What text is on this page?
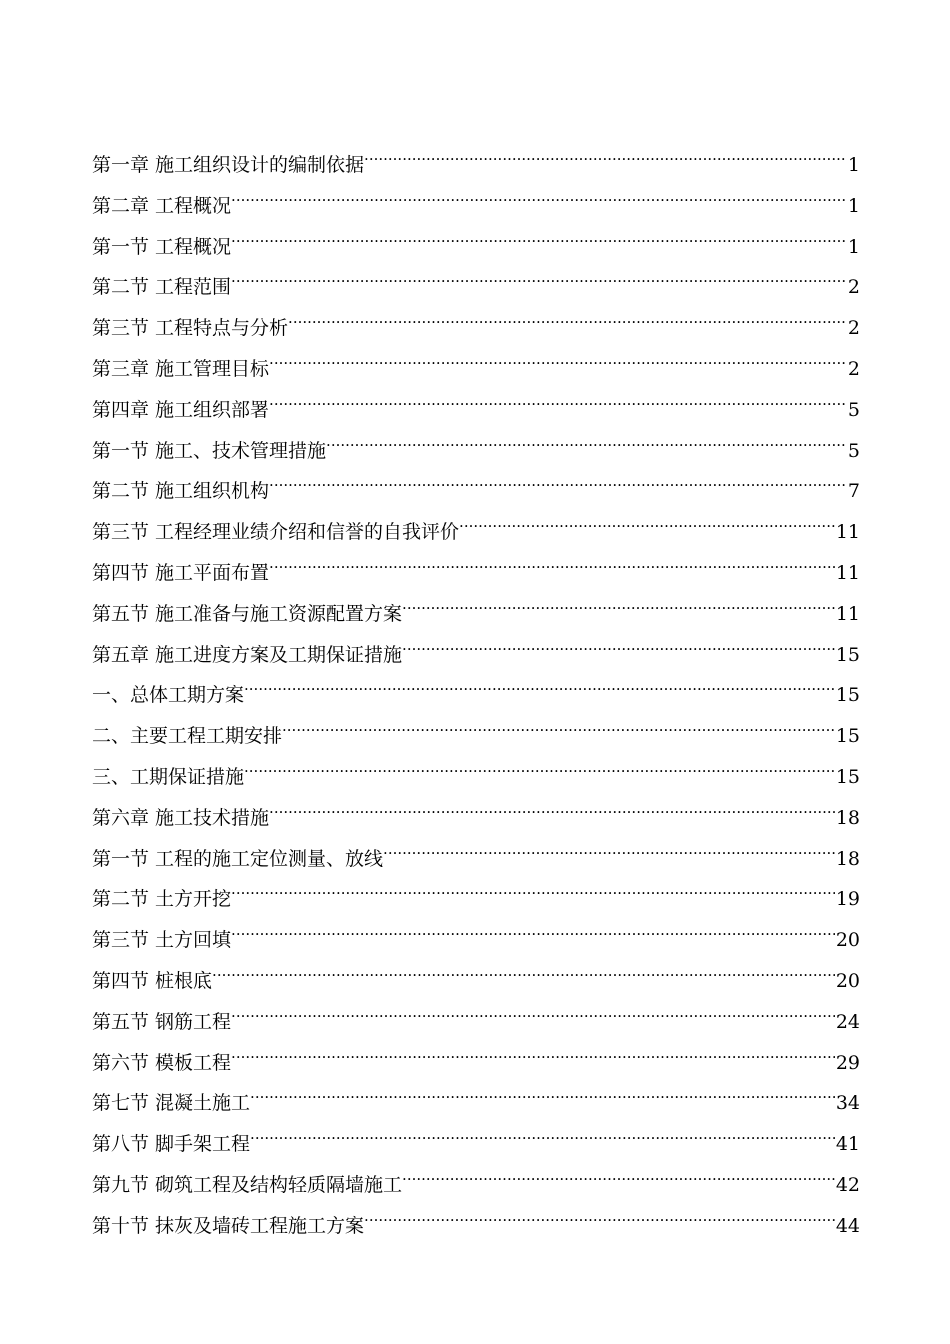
第一章 施工组织设计的编制依据 ·····	1
第二章 工程概况 ·····	1
第一节 工程概况 ·····	1
第二节 工程范围 ·····	2
第三节 工程特点与分析 ·····	2
第三章 施工管理目标 ·····	2
第四章 施工组织部署 ·····	5
第一节 施工、技术管理措施 ·····	5
第二节 施工组织机构 ·····	7
第三节 工程经理业绩介绍和信誉的自我评价 ·····	11
第四节 施工平面布置 ·····	11
第五节 施工准备与施工资源配置方案 ·····	11
第五章 施工进度方案及工期保证措施 ·····	15
一、总体工期方案 ·····	15
二、主要工程工期安排 ·····	15
三、工期保证措施 ·····	15
第六章 施工技术措施 ·····	18
第一节 工程的施工定位测量、放线 ·····	18
第二节 土方开挖 ·····	19
第三节 土方回填 ·····	20
第四节 桩根底 ·····	20
第五节 钢筋工程 ·····	24
第六节 模板工程 ·····	29
第七节 混凝土施工 ·····	34
第八节 脚手架工程 ·····	41
第九节 砌筑工程及结构轻质隔墙施工 ·····	42
第十节 抹灰及墙砖工程施工方案 ·····	44
